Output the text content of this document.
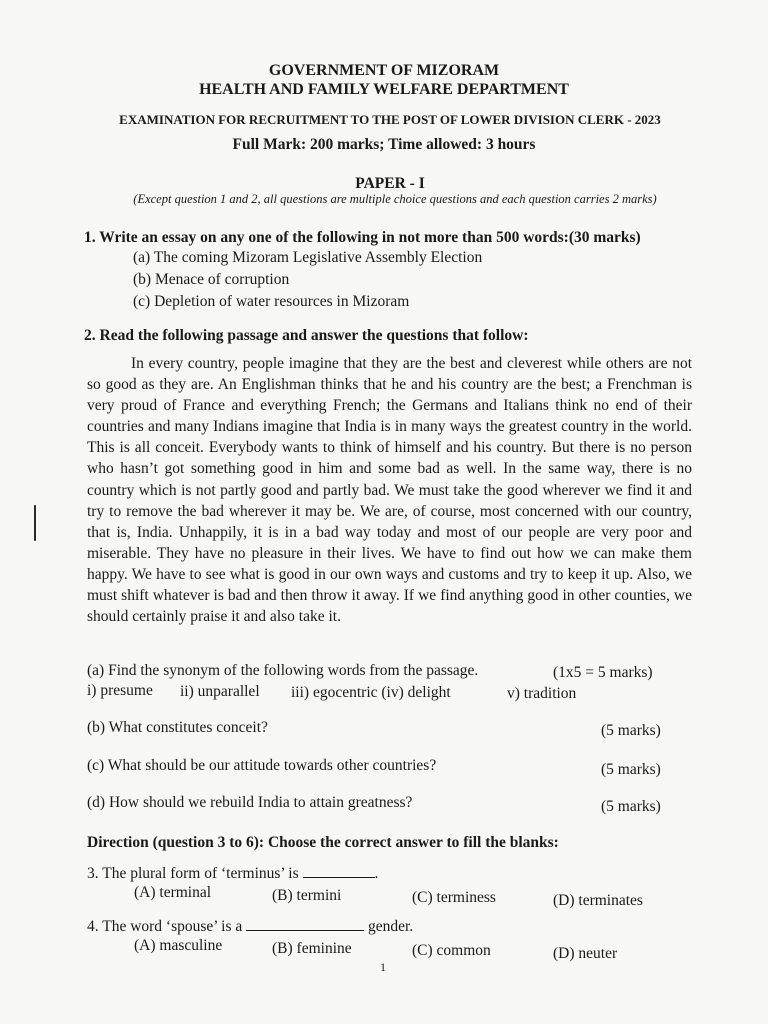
GOVERNMENT OF MIZORAM
HEALTH AND FAMILY WELFARE DEPARTMENT
EXAMINATION FOR RECRUITMENT TO THE POST OF LOWER DIVISION CLERK - 2023
Full Mark: 200 marks; Time allowed: 3 hours
PAPER - I
(Except question 1 and 2, all questions are multiple choice questions and each question carries 2 marks)
1. Write an essay on any one of the following in not more than 500 words:(30 marks)
(a) The coming Mizoram Legislative Assembly Election
(b) Menace of corruption
(c) Depletion of water resources in Mizoram
2. Read the following passage and answer the questions that follow:

In every country, people imagine that they are the best and cleverest while others are not so good as they are. An Englishman thinks that he and his country are the best; a Frenchman is very proud of France and everything French; the Germans and Italians think no end of their countries and many Indians imagine that India is in many ways the greatest country in the world. This is all conceit. Everybody wants to think of himself and his country. But there is no person who hasn’t got something good in him and some bad as well. In the same way, there is no country which is not partly good and partly bad. We must take the good wherever we find it and try to remove the bad wherever it may be. We are, of course, most concerned with our country, that is, India. Unhappily, it is in a bad way today and most of our people are very poor and miserable. They have no pleasure in their lives. We have to find out how we can make them happy. We have to see what is good in our own ways and customs and try to keep it up. Also, we must shift whatever is bad and then throw it away. If we find anything good in other counties, we should certainly praise it and also take it.

(a) Find the synonym of the following words from the passage.	(1x5 = 5 marks)
i) presume ii) unparallel iii) egocentric (iv) delight	v) tradition
(b) What constitutes conceit?	(5 marks)
(c) What should be our attitude towards other countries?	(5 marks)
(d) How should we rebuild India to attain greatness?	(5 marks)
Direction (question 3 to 6): Choose the correct answer to fill the blanks:
3. The plural form of ‘terminus’ is	.
(A) terminal	(B) termini	(C) terminess	(D) terminates
4. The word ‘spouse’ is a	gender.
(A) masculine	(B) feminine	(C) common	(D) neuter
1
